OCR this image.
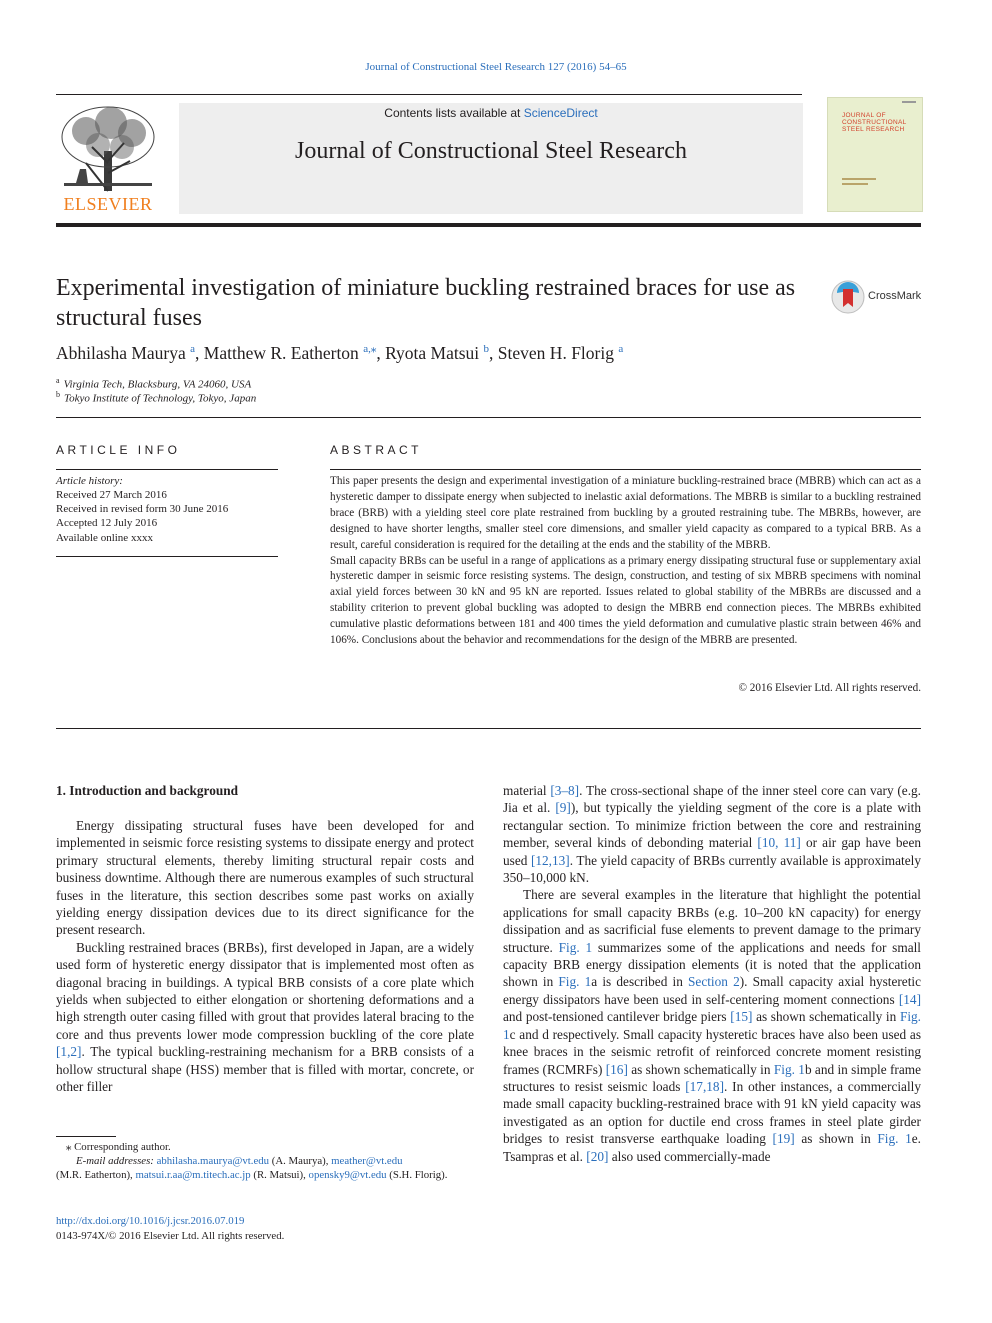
Journal of Constructional Steel Research 127 (2016) 54–65
ELSEVIER
Contents lists available at ScienceDirect
Journal of Constructional Steel Research
JOURNAL OF
CONSTRUCTIONAL
STEEL RESEARCH
Experimental investigation of miniature buckling restrained braces for use as structural fuses
CrossMark
Abhilasha Maurya $^a$, Matthew R. Eatherton $^{a,⁎}$, Ryota Matsui $^b$, Steven H. Florig $^a$
$^a$ Virginia Tech, Blacksburg, VA 24060, USA
$^b$ Tokyo Institute of Technology, Tokyo, Japan
ARTICLE INFO
Article history:
Received 27 March 2016
Received in revised form 30 June 2016
Accepted 12 July 2016
Available online xxxx
ABSTRACT

This paper presents the design and experimental investigation of a miniature buckling-restrained brace (MBRB) which can act as a hysteretic damper to dissipate energy when subjected to inelastic axial deformations. The MBRB is similar to a buckling restrained brace (BRB) with a yielding steel core plate restrained from buckling by a grouted restraining tube. The MBRBs, however, are designed to have shorter lengths, smaller steel core dimensions, and smaller yield capacity as compared to a typical BRB. As a result, careful consideration is required for the detailing at the ends and the stability of the MBRB.

Small capacity BRBs can be useful in a range of applications as a primary energy dissipating structural fuse or supplementary axial hysteretic damper in seismic force resisting systems. The design, construction, and testing of six MBRB specimens with nominal axial yield forces between 30 kN and 95 kN are reported. Issues related to global stability of the MBRBs are discussed and a stability criterion to prevent global buckling was adopted to design the MBRB end connection pieces. The MBRBs exhibited cumulative plastic deformations between 181 and 400 times the yield deformation and cumulative plastic strain between 46% and 106%. Conclusions about the behavior and recommendations for the design of the MBRB are presented.

© 2016 Elsevier Ltd. All rights reserved.
1. Introduction and background

Energy dissipating structural fuses have been developed for and implemented in seismic force resisting systems to dissipate energy and protect primary structural elements, thereby limiting structural repair costs and business downtime. Although there are numerous examples of such structural fuses in the literature, this section describes some past works on axially yielding energy dissipation devices due to its direct significance for the present research.

Buckling restrained braces (BRBs), first developed in Japan, are a widely used form of hysteretic energy dissipator that is implemented most often as diagonal bracing in buildings. A typical BRB consists of a core plate which yields when subjected to either elongation or shortening deformations and a high strength outer casing filled with grout that provides lateral bracing to the core and thus prevents lower mode compression buckling of the core plate [1,2]. The typical buckling-restraining mechanism for a BRB consists of a hollow structural shape (HSS) member that is filled with mortar, concrete, or other filler

material [3–8]. The cross-sectional shape of the inner steel core can vary (e.g. Jia et al. [9]), but typically the yielding segment of the core is a plate with rectangular section. To minimize friction between the core and restraining member, several kinds of debonding material [10, 11] or air gap have been used [12,13]. The yield capacity of BRBs currently available is approximately 350–10,000 kN.

There are several examples in the literature that highlight the potential applications for small capacity BRBs (e.g. 10–200 kN capacity) for energy dissipation and as sacrificial fuse elements to prevent damage to the primary structure. Fig. 1 summarizes some of the applications and needs for small capacity BRB energy dissipation elements (it is noted that the application shown in Fig. 1a is described in Section 2). Small capacity axial hysteretic energy dissipators have been used in self-centering moment connections [14] and post-tensioned cantilever bridge piers [15] as shown schematically in Fig. 1c and d respectively. Small capacity hysteretic braces have also been used as knee braces in the seismic retrofit of reinforced concrete moment resisting frames (RCMRFs) [16] as shown schematically in Fig. 1b and in simple frame structures to resist seismic loads [17,18]. In other instances, a commercially made small capacity buckling-restrained brace with 91 kN yield capacity was investigated as an option for ductile end cross frames in steel plate girder bridges to resist transverse earthquake loading [19] as shown in Fig. 1e. Tsampras et al. [20] also used commercially-made

⁎ Corresponding author.
E-mail addresses: abhilasha.maurya@vt.edu (A. Maurya), meather@vt.edu
(M.R. Eatherton), matsui.r.aa@m.titech.ac.jp (R. Matsui), opensky9@vt.edu (S.H. Florig).
http://dx.doi.org/10.1016/j.jcsr.2016.07.019
0143-974X/© 2016 Elsevier Ltd. All rights reserved.
